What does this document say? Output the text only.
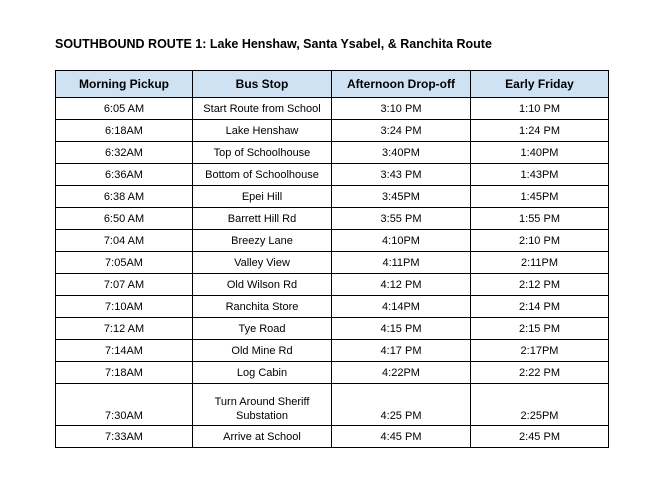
SOUTHBOUND ROUTE 1: Lake Henshaw, Santa Ysabel, & Ranchita Route
Morning Pickup	Bus Stop	Afternoon Drop-off	Early Friday
6:05 AM	Start Route from School	3:10 PM	1:10 PM
6:18AM	Lake Henshaw	3:24 PM	1:24 PM
6:32AM	Top of Schoolhouse	3:40PM	1:40PM
6:36AM	Bottom of Schoolhouse	3:43 PM	1:43PM
6:38 AM	Epei Hill	3:45PM	1:45PM
6:50 AM	Barrett Hill Rd	3:55 PM	1:55 PM
7:04 AM	Breezy Lane	4:10PM	2:10 PM
7:05AM	Valley View	4:11PM	2:11PM
7:07 AM	Old Wilson Rd	4:12 PM	2:12 PM
7:10AM	Ranchita Store	4:14PM	2:14 PM
7:12 AM	Tye Road	4:15 PM	2:15 PM
7:14AM	Old Mine Rd	4:17 PM	2:17PM
7:18AM	Log Cabin	4:22PM	2:22 PM
7:30AM	Turn Around Sheriff Substation	4:25 PM	2:25PM
7:33AM	Arrive at School	4:45 PM	2:45 PM
